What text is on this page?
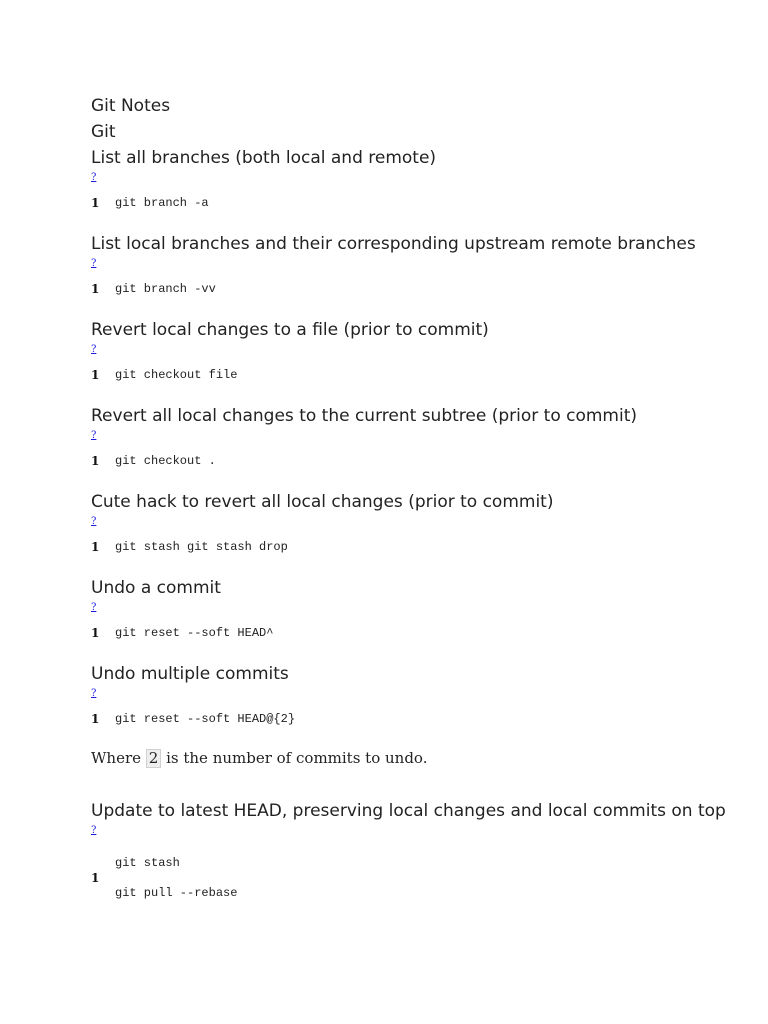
Git Notes

Git

List all branches (both local and remote)

?
1	git branch -a

List local branches and their corresponding upstream remote branches

?
1	git branch -vv

Revert local changes to a file (prior to commit)

?
1	git checkout file

Revert all local changes to the current subtree (prior to commit)

?
1	git checkout .

Cute hack to revert all local changes (prior to commit)

?
1	git stash git stash drop

Undo a commit

?
1	git reset --soft HEAD^

Undo multiple commits

?
1	git reset --soft HEAD@{2}

Where 2 is the number of commits to undo.

Update to latest HEAD, preserving local changes and local commits on top

?
1
git stash
git pull --rebase
